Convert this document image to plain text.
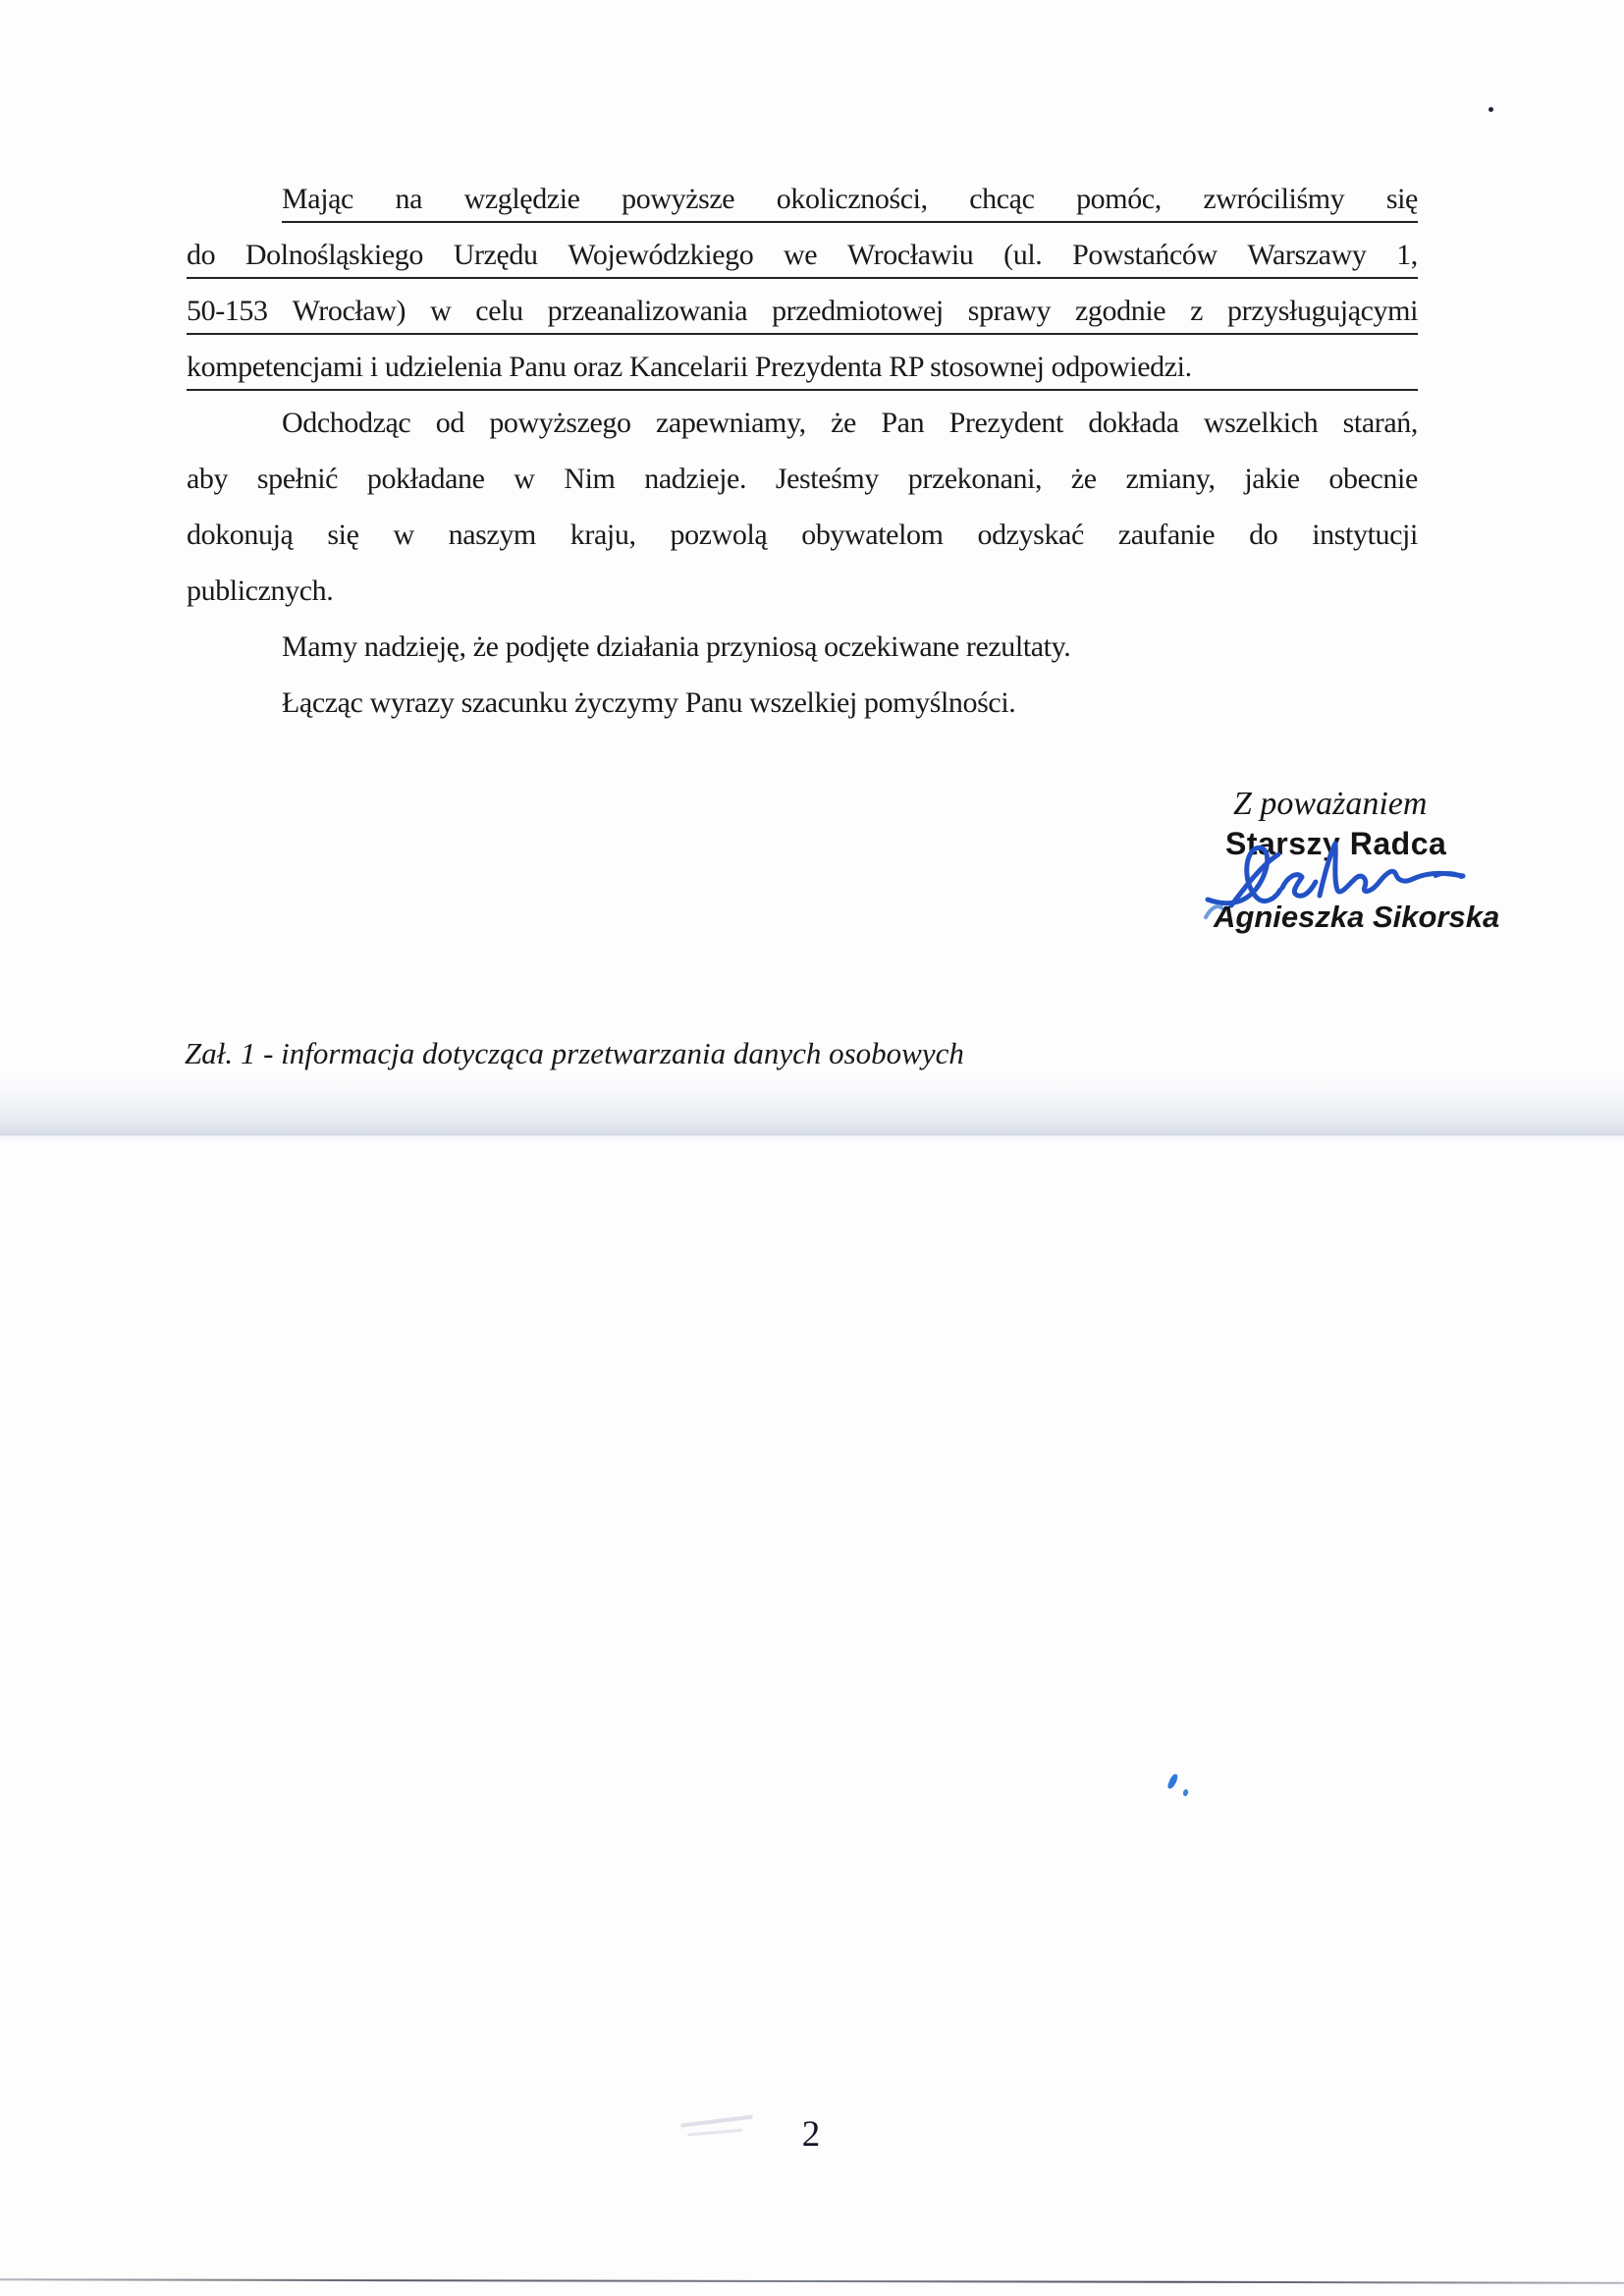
Mając na względzie powyższe okoliczności, chcąc pomóc, zwróciliśmy się
do Dolnośląskiego Urzędu Wojewódzkiego we Wrocławiu (ul. Powstańców Warszawy 1,
50-153 Wrocław) w celu przeanalizowania przedmiotowej sprawy zgodnie z przysługującymi
kompetencjami i udzielenia Panu oraz Kancelarii Prezydenta RP stosownej odpowiedzi.
Odchodząc od powyższego zapewniamy, że Pan Prezydent dokłada wszelkich starań,
aby spełnić pokładane w Nim nadzieje. Jesteśmy przekonani, że zmiany, jakie obecnie
dokonują się w naszym kraju, pozwolą obywatelom odzyskać zaufanie do instytucji
publicznych.
Mamy nadzieję, że podjęte działania przyniosą oczekiwane rezultaty.
Łącząc wyrazy szacunku życzymy Panu wszelkiej pomyślności.
Z poważaniem
Starszy Radca
Agnieszka Sikorska
Zał. 1 - informacja dotycząca przetwarzania danych osobowych
2
